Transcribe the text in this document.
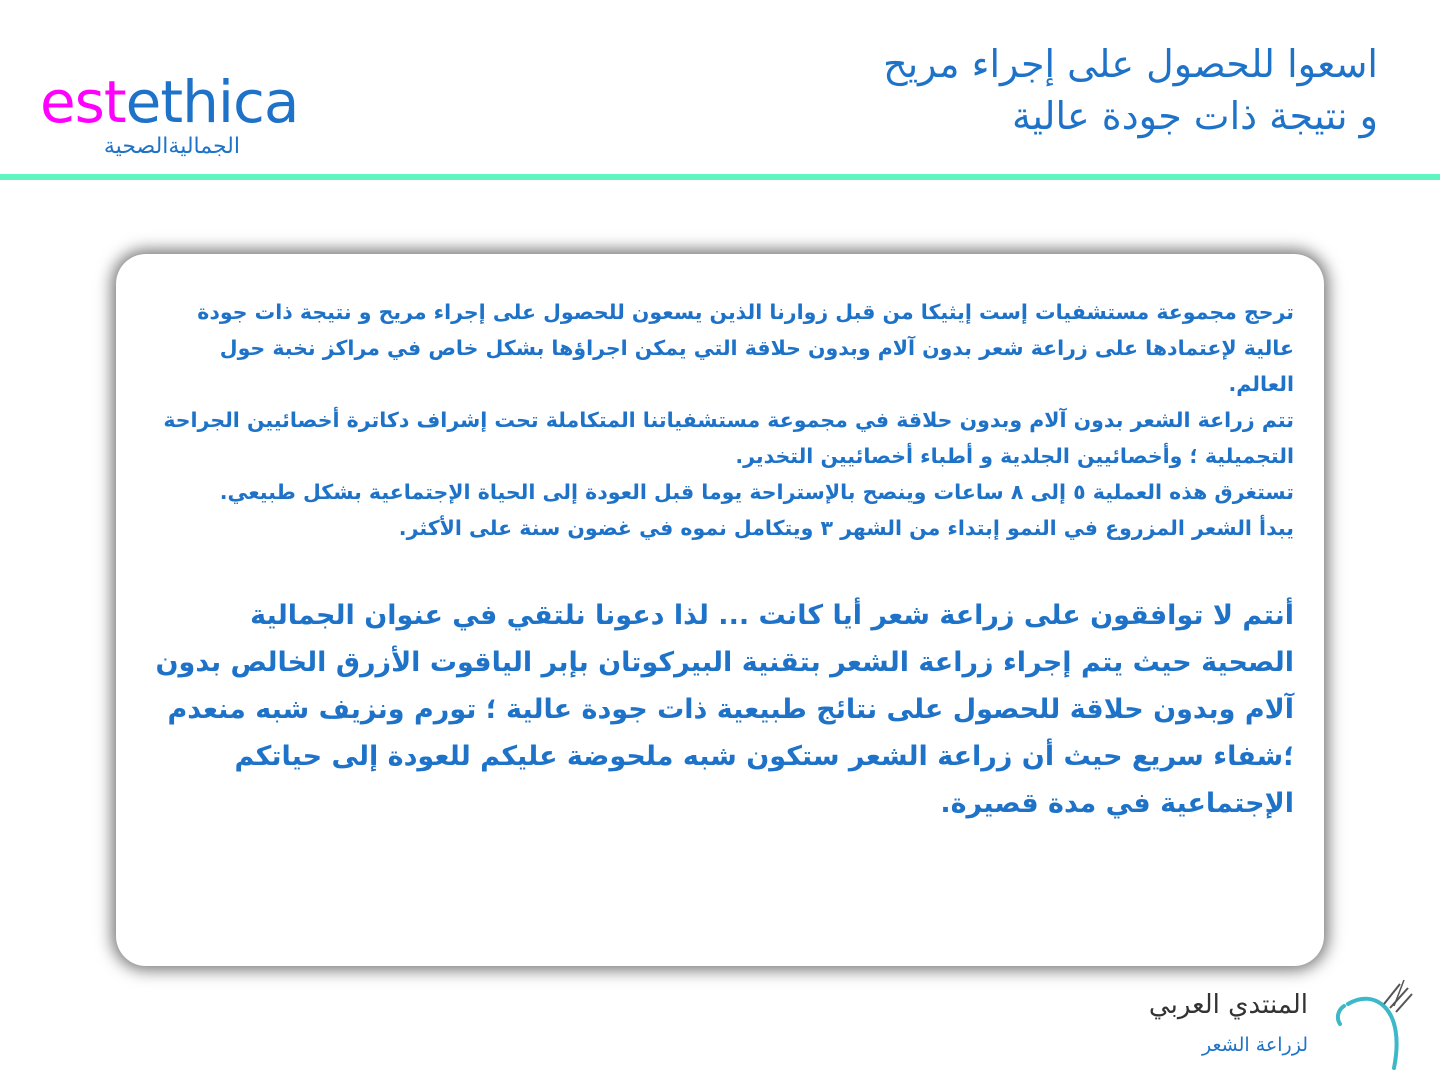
estethica
الجماليةالصحية
اسعوا للحصول على إجراء مريح
و نتيجة ذات جودة عالية

ترحج مجموعة مستشفيات إست إيثيكا من قبل زوارنا الذين يسعون للحصول على إجراء مريح و نتيجة ذات جودة عالية لإعتمادها على زراعة شعر بدون آلام وبدون حلاقة التي يمكن اجراؤها بشكل خاص في مراكز نخبة حول العالم.

تتم زراعة الشعر بدون آلام وبدون حلاقة في مجموعة مستشفياتنا المتكاملة تحت إشراف دكاترة أخصائيين الجراحة التجميلية ؛ وأخصائيين الجلدية و أطباء أخصائيين التخدير.

تستغرق هذه العملية ٥ إلى ٨ ساعات وينصح بالإستراحة يوما قبل العودة إلى الحياة الإجتماعية بشكل طبيعي.

يبدأ الشعر المزروع في النمو إبتداء من الشهر ٣ ويتكامل نموه في غضون سنة على الأكثر.

أنتم لا توافقون على زراعة شعر أيا كانت ... لذا دعونا نلتقي في عنوان الجمالية الصحية حيث يتم إجراء زراعة الشعر بتقنية البيركوتان بإبر الياقوت الأزرق الخالص بدون آلام وبدون حلاقة للحصول على نتائج طبيعية ذات جودة عالية ؛ تورم ونزيف شبه منعدم ؛شفاء سريع حيث أن زراعة الشعر ستكون شبه ملحوضة عليكم للعودة إلى حياتكم الإجتماعية في مدة قصيرة.

المنتدي العربي
لزراعة الشعر
